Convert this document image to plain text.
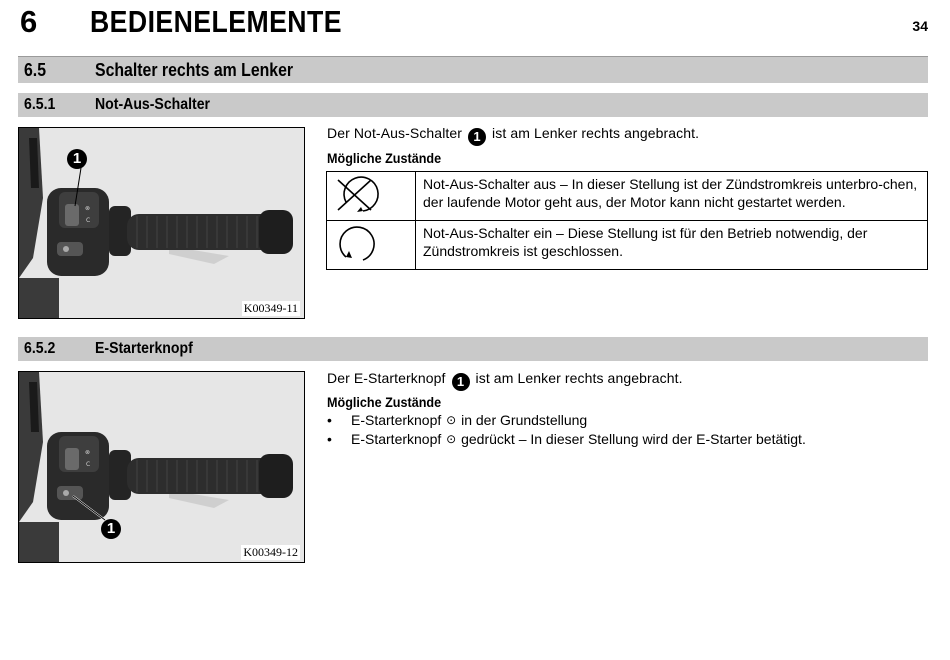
6 BEDIENELEMENTE	34
6.5	Schalter rechts am Lenker
6.5.1 Not-Aus-Schalter
⊗
C
1
K00349-11
Der Not-Aus-Schalter 1 ist am Lenker rechts angebracht.
Mögliche Zustände
	Not-Aus-Schalter aus – In dieser Stellung ist der Zündstromkreis unterbro-chen, der laufende Motor geht aus, der Motor kann nicht gestartet werden.
	Not-Aus-Schalter ein – Diese Stellung ist für den Betrieb notwendig, der Zündstromkreis ist geschlossen.
6.5.2 E-Starterknopf
⊗
C
1
K00349-12
Der E-Starterknopf 1 ist am Lenker rechts angebracht.
Mögliche Zustände
• E-Starterknopf ⊙ in der Grundstellung
• E-Starterknopf ⊙ gedrückt – In dieser Stellung wird der E-Starter betätigt.
